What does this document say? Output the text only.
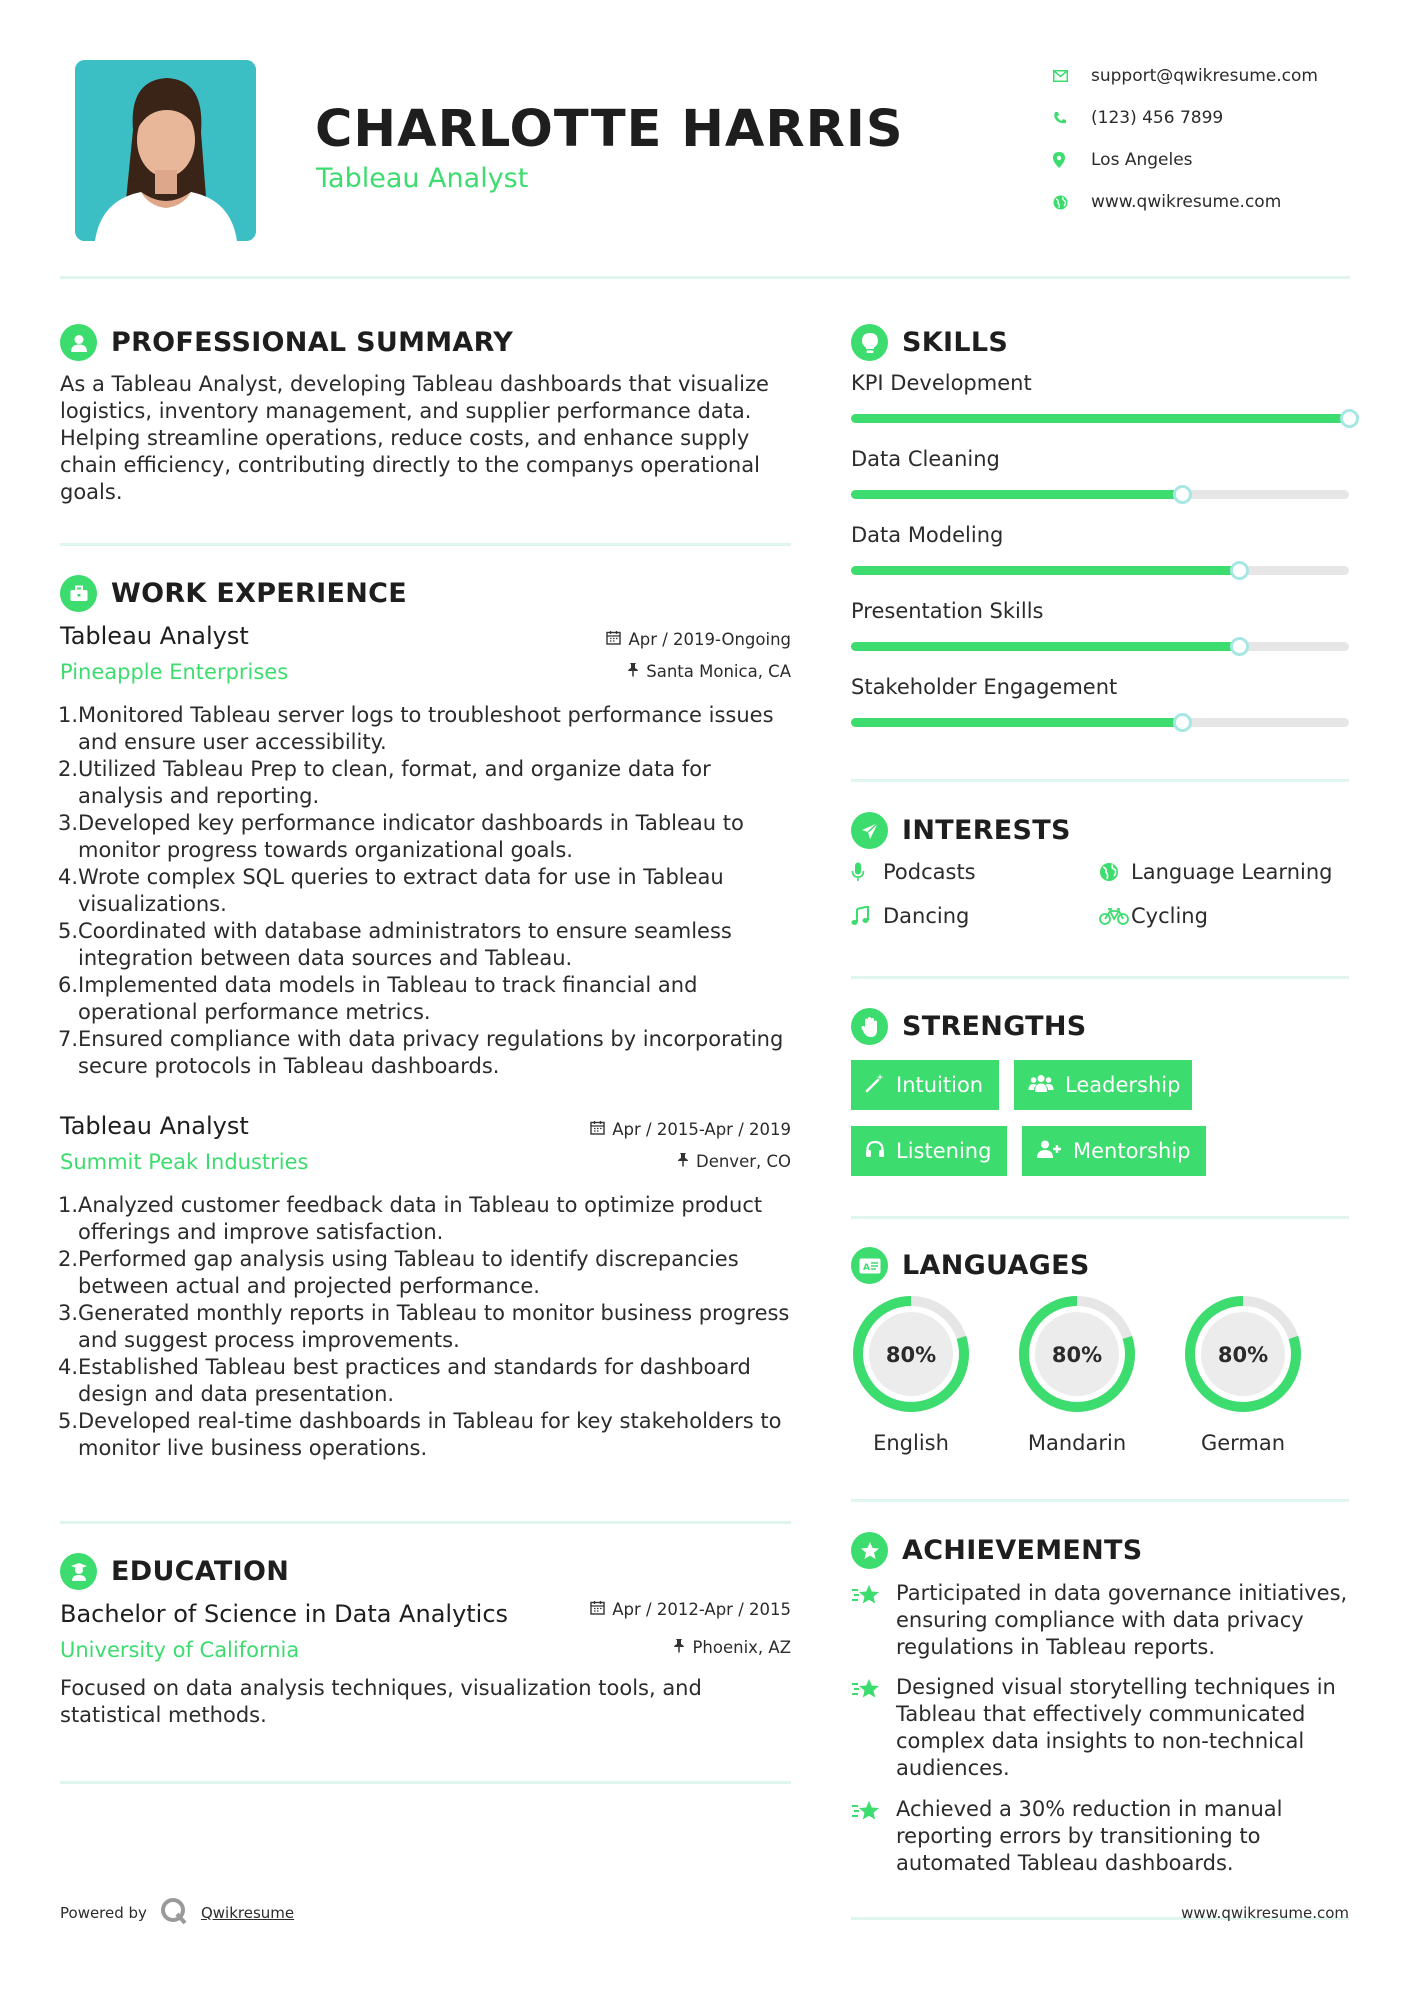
CHARLOTTE HARRIS
Tableau Analyst
support@qwikresume.com
(123) 456 7899
Los Angeles
www.qwikresume.com
PROFESSIONAL SUMMARY
As a Tableau Analyst, developing Tableau dashboards that visualize logistics, inventory management, and supplier performance data. Helping streamline operations, reduce costs, and enhance supply chain efficiency, contributing directly to the companys operational goals.
WORK EXPERIENCE
Tableau Analyst	Apr / 2019-Ongoing
Pineapple Enterprises	Santa Monica, CA
1. Monitored Tableau server logs to troubleshoot performance issues and ensure user accessibility.
2. Utilized Tableau Prep to clean, format, and organize data for analysis and reporting.
3. Developed key performance indicator dashboards in Tableau to monitor progress towards organizational goals.
4. Wrote complex SQL queries to extract data for use in Tableau visualizations.
5. Coordinated with database administrators to ensure seamless integration between data sources and Tableau.
6. Implemented data models in Tableau to track financial and operational performance metrics.
7. Ensured compliance with data privacy regulations by incorporating secure protocols in Tableau dashboards.
Tableau Analyst	Apr / 2015-Apr / 2019
Summit Peak Industries	Denver, CO
1. Analyzed customer feedback data in Tableau to optimize product offerings and improve satisfaction.
2. Performed gap analysis using Tableau to identify discrepancies between actual and projected performance.
3. Generated monthly reports in Tableau to monitor business progress and suggest process improvements.
4. Established Tableau best practices and standards for dashboard design and data presentation.
5. Developed real-time dashboards in Tableau for key stakeholders to monitor live business operations.
EDUCATION
Bachelor of Science in Data Analytics	Apr / 2012-Apr / 2015
University of California	Phoenix, AZ
Focused on data analysis techniques, visualization tools, and statistical methods.
SKILLS
KPI Development
Data Cleaning
Data Modeling
Presentation Skills
Stakeholder Engagement
INTERESTS
Podcasts	Language Learning
Dancing	Cycling
STRENGTHS
Intuition	Leadership
Listening	Mentorship
A LANGUAGES
80%
English
80%
Mandarin
80%
German
ACHIEVEMENTS
Participated in data governance initiatives, ensuring compliance with data privacy regulations in Tableau reports.
Designed visual storytelling techniques in Tableau that effectively communicated complex data insights to non-technical audiences.
Achieved a 30% reduction in manual reporting errors by transitioning to automated Tableau dashboards.
Powered by	Qwikresume	www.qwikresume.com
